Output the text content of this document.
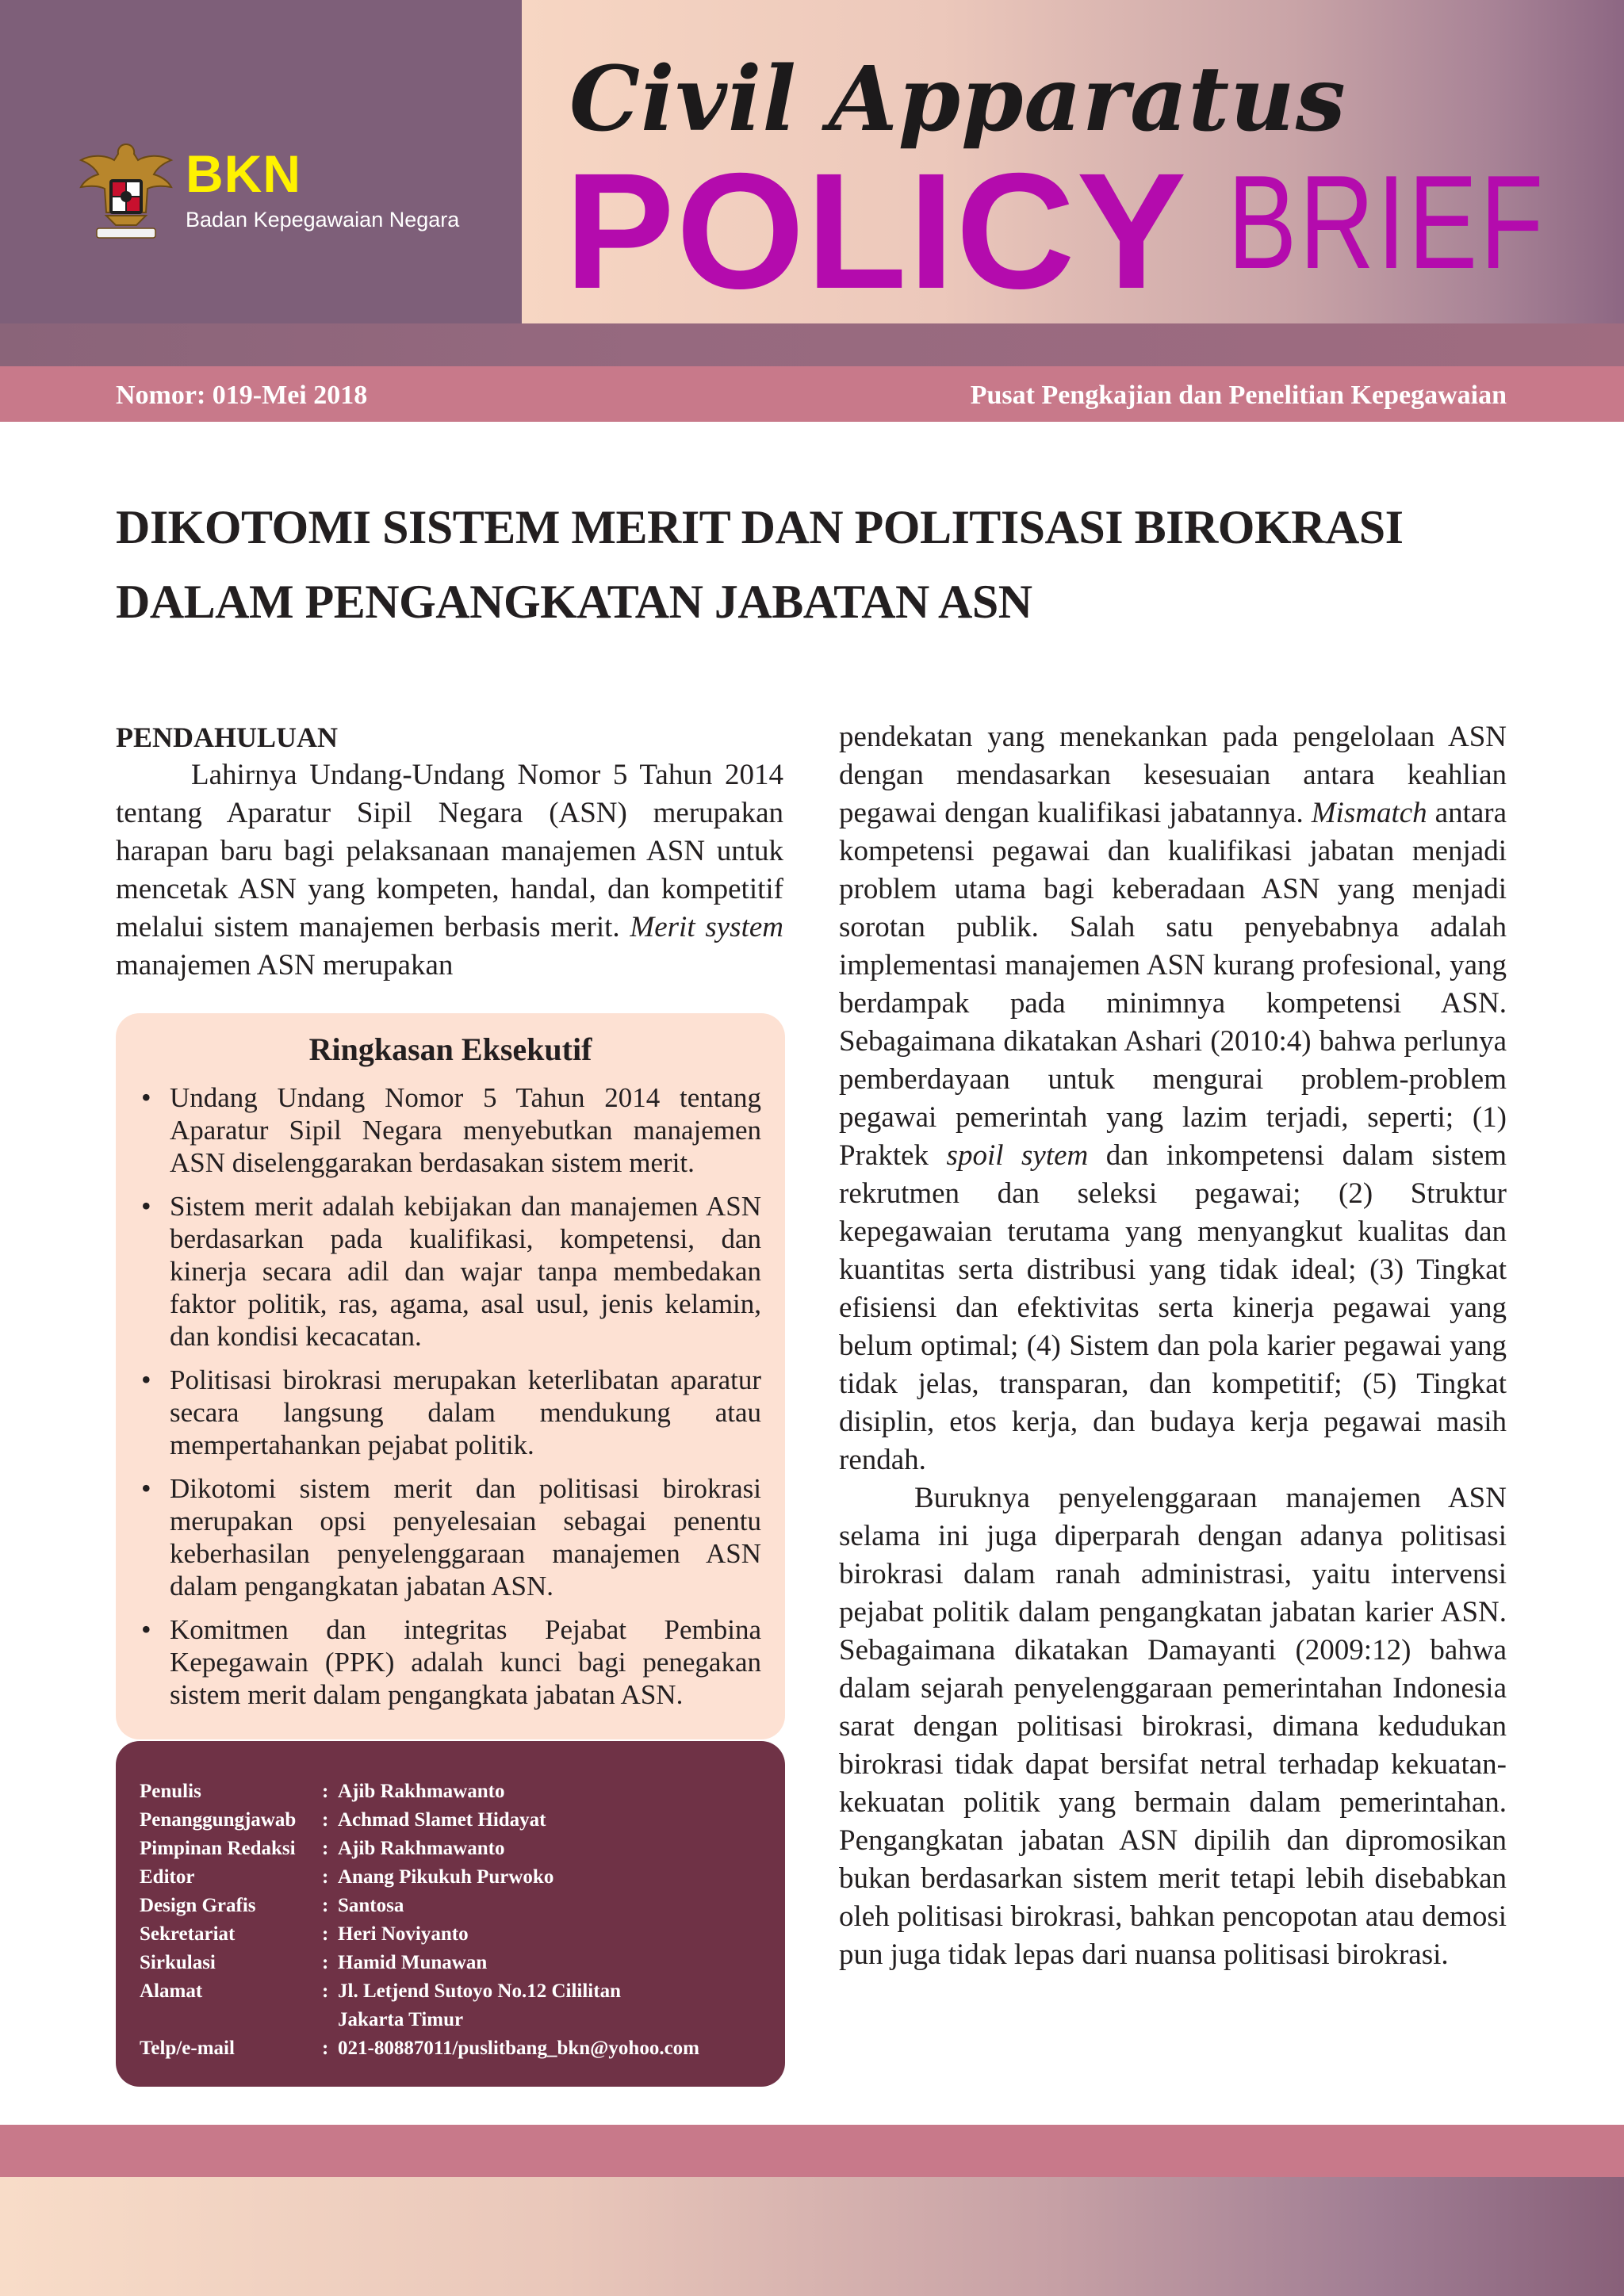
BKN
Badan Kepegawaian Negara
Civil Apparatus
POLICY BRIEF
Nomor: 019-Mei 2018	Pusat Pengkajian dan Penelitian Kepegawaian
DIKOTOMI SISTEM MERIT DAN POLITISASI BIROKRASI
DALAM PENGANGKATAN JABATAN ASN
PENDAHULUAN

Lahirnya Undang-Undang Nomor 5 Tahun 2014 tentang Aparatur Sipil Negara (ASN) merupakan harapan baru bagi pelaksanaan manajemen ASN untuk mencetak ASN yang kompeten, handal, dan kompetitif melalui sistem manajemen berbasis merit. Merit system manajemen ASN merupakan

Ringkasan Eksekutif
• Undang Undang Nomor 5 Tahun 2014 tentang Aparatur Sipil Negara menyebutkan manajemen ASN diselenggarakan berdasakan sistem merit.
• Sistem merit adalah kebijakan dan manajemen ASN berdasarkan pada kualifikasi, kompetensi, dan kinerja secara adil dan wajar tanpa membedakan faktor politik, ras, agama, asal usul, jenis kelamin, dan kondisi kecacatan.
• Politisasi birokrasi merupakan keterlibatan aparatur secara langsung dalam mendukung atau mempertahankan pejabat politik.
• Dikotomi sistem merit dan politisasi birokrasi merupakan opsi penyelesaian sebagai penentu keberhasilan penyelenggaraan manajemen ASN dalam pengangkatan jabatan ASN.
• Komitmen dan integritas Pejabat Pembina Kepegawain (PPK) adalah kunci bagi penegakan sistem merit dalam pengangkata jabatan ASN.
Penulis	: Ajib Rakhmawanto
Penanggungjawab	: Achmad Slamet Hidayat
Pimpinan Redaksi	: Ajib Rakhmawanto
Editor	: Anang Pikukuh Purwoko
Design Grafis	: Santosa
Sekretariat	: Heri Noviyanto
Sirkulasi	: Hamid Munawan
Alamat	: Jl. Letjend Sutoyo No.12 Cililitan
Jakarta Timur
Telp/e-mail	: 021-80887011/puslitbang_bkn@yohoo.com

pendekatan yang menekankan pada pengelolaan ASN dengan mendasarkan kesesuaian antara keahlian pegawai dengan kualifikasi jabatannya. Mismatch antara kompetensi pegawai dan kualifikasi jabatan menjadi problem utama bagi keberadaan ASN yang menjadi sorotan publik. Salah satu penyebabnya adalah implementasi manajemen ASN kurang profesional, yang berdampak pada minimnya kompetensi ASN. Sebagaimana dikatakan Ashari (2010:4) bahwa perlunya pemberdayaan untuk mengurai problem-problem pegawai pemerintah yang lazim terjadi, seperti; (1) Praktek spoil sytem dan inkompetensi dalam sistem rekrutmen dan seleksi pegawai; (2) Struktur kepegawaian terutama yang menyangkut kualitas dan kuantitas serta distribusi yang tidak ideal; (3) Tingkat efisiensi dan efektivitas serta kinerja pegawai yang belum optimal; (4) Sistem dan pola karier pegawai yang tidak jelas, transparan, dan kompetitif; (5) Tingkat disiplin, etos kerja, dan budaya kerja pegawai masih rendah.

Buruknya penyelenggaraan manajemen ASN selama ini juga diperparah dengan adanya politisasi birokrasi dalam ranah administrasi, yaitu intervensi pejabat politik dalam pengangkatan jabatan karier ASN. Sebagaimana dikatakan Damayanti (2009:12) bahwa dalam sejarah penyelenggaraan pemerintahan Indonesia sarat dengan politisasi birokrasi, dimana kedudukan birokrasi tidak dapat bersifat netral terhadap kekuatan-kekuatan politik yang bermain dalam pemerintahan. Pengangkatan jabatan ASN dipilih dan dipromosikan bukan berdasarkan sistem merit tetapi lebih disebabkan oleh politisasi birokrasi, bahkan pencopotan atau demosi pun juga tidak lepas dari nuansa politisasi birokrasi.
